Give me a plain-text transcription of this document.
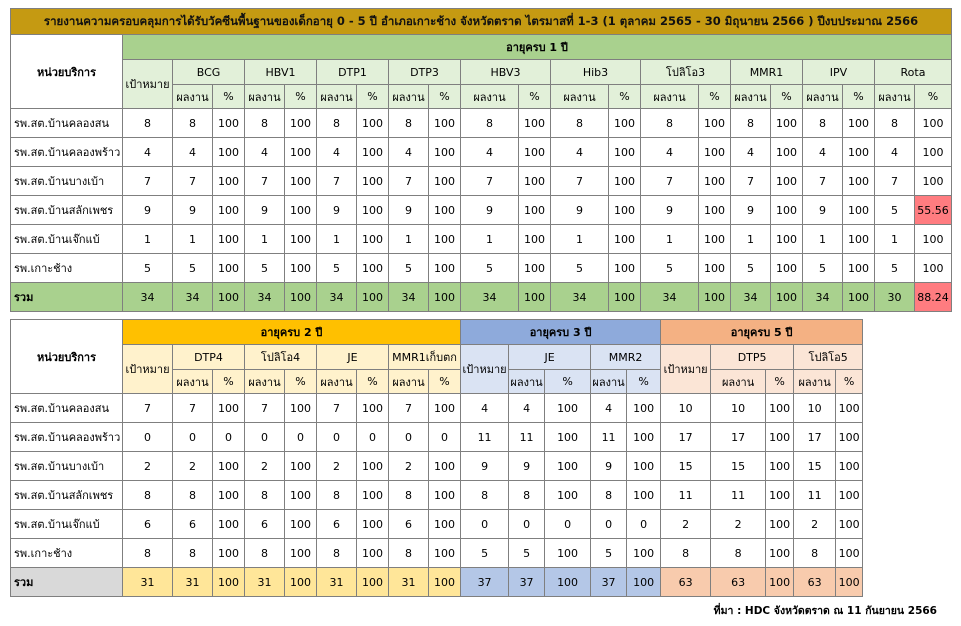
รายงานความครอบคลุมการได้รับวัคซีนพื้นฐานของเด็กอายุ 0 - 5 ปี อำเภอเกาะช้าง จังหวัดตราด ไตรมาสที่ 1-3 (1 ตุลาคม 2565 - 30 มิถุนายน 2566 ) ปีงบประมาณ 2566																					
หน่วยบริการ	อายุครบ 1 ปี																				
	เป้าหมาย	BCG		HBV1		DTP1		DTP3		HBV3		Hib3		โปลิโอ3		MMR1		IPV		Rota	
		ผลงาน	%	ผลงาน	%	ผลงาน	%	ผลงาน	%	ผลงาน	%	ผลงาน	%	ผลงาน	%	ผลงาน	%	ผลงาน	%	ผลงาน	%
รพ.สต.บ้านคลองสน	8	8	100	8	100	8	100	8	100	8	100	8	100	8	100	8	100	8	100	8	100
รพ.สต.บ้านคลองพร้าว	4	4	100	4	100	4	100	4	100	4	100	4	100	4	100	4	100	4	100	4	100
รพ.สต.บ้านบางเบ้า	7	7	100	7	100	7	100	7	100	7	100	7	100	7	100	7	100	7	100	7	100
รพ.สต.บ้านสลักเพชร	9	9	100	9	100	9	100	9	100	9	100	9	100	9	100	9	100	9	100	5	55.56
รพ.สต.บ้านเจ๊กแบ้	1	1	100	1	100	1	100	1	100	1	100	1	100	1	100	1	100	1	100	1	100
รพ.เกาะช้าง	5	5	100	5	100	5	100	5	100	5	100	5	100	5	100	5	100	5	100	5	100
รวม	34	34	100	34	100	34	100	34	100	34	100	34	100	34	100	34	100	34	100	30	88.24
หน่วยบริการ	อายุครบ 2 ปี									อายุครบ 3 ปี					อายุครบ 5 ปี				
	เป้าหมาย	DTP4		โปลิโอ4		JE		MMR1เก็บตก		เป้าหมาย	JE		MMR2		เป้าหมาย	DTP5		โปลิโอ5	
		ผลงาน	%	ผลงาน	%	ผลงาน	%	ผลงาน	%		ผลงาน	%	ผลงาน	%		ผลงาน	%	ผลงาน	%
รพ.สต.บ้านคลองสน	7	7	100	7	100	7	100	7	100	4	4	100	4	100	10	10	100	10	100
รพ.สต.บ้านคลองพร้าว	0	0	0	0	0	0	0	0	0	11	11	100	11	100	17	17	100	17	100
รพ.สต.บ้านบางเบ้า	2	2	100	2	100	2	100	2	100	9	9	100	9	100	15	15	100	15	100
รพ.สต.บ้านสลักเพชร	8	8	100	8	100	8	100	8	100	8	8	100	8	100	11	11	100	11	100
รพ.สต.บ้านเจ๊กแบ้	6	6	100	6	100	6	100	6	100	0	0	0	0	0	2	2	100	2	100
รพ.เกาะช้าง	8	8	100	8	100	8	100	8	100	5	5	100	5	100	8	8	100	8	100
รวม	31	31	100	31	100	31	100	31	100	37	37	100	37	100	63	63	100	63	100
ที่มา : HDC จังหวัดตราด ณ 11 กันยายน 2566
